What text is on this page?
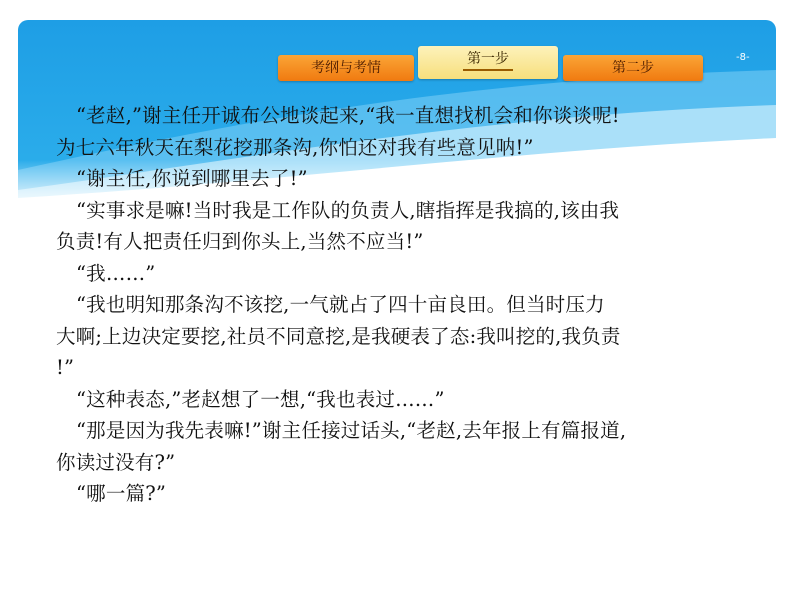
考纲与考情
第一步
第二步
-8-
“老赵,”谢主任开诚布公地谈起来,“我一直想找机会和你谈谈呢!
为七六年秋天在梨花挖那条沟,你怕还对我有些意见呐!”
“谢主任,你说到哪里去了!”
“实事求是嘛!当时我是工作队的负责人,瞎指挥是我搞的,该由我
负责!有人把责任归到你头上,当然不应当!”
“我……”
“我也明知那条沟不该挖,一气就占了四十亩良田。但当时压力
大啊;上边决定要挖,社员不同意挖,是我硬表了态:我叫挖的,我负责
!”
“这种表态,”老赵想了一想,“我也表过……”
“那是因为我先表嘛!”谢主任接过话头,“老赵,去年报上有篇报道,
你读过没有?”
“哪一篇?”
